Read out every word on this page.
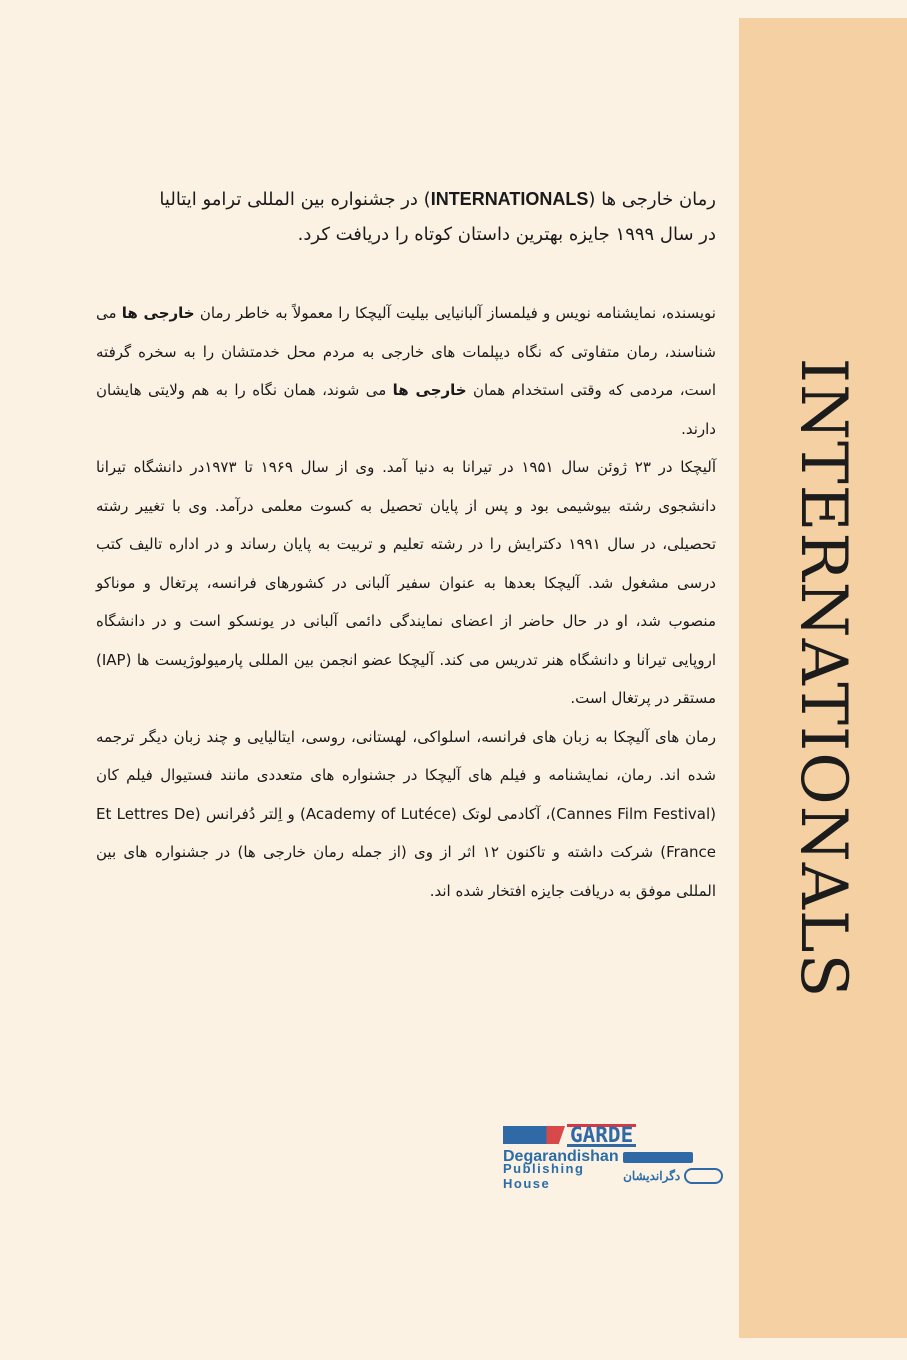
INTERNATIONALS
رمان خارجی ها (INTERNATIONALS) در جشنواره بین المللی ترامو ایتالیا
در سال ۱۹۹۹ جایزه بهترین داستان کوتاه را دریافت کرد.

نویسنده، نمایشنامه نویس و فیلمساز آلبانیایی بیلیت آلیچکا را معمولاً به خاطر رمان خارجی ها می شناسند، رمان متفاوتی که نگاه دیپلمات های خارجی به مردم محل خدمتشان را به سخره گرفته است، مردمی که وقتی استخدام همان خارجی ها می شوند، همان نگاه را به هم ولایتی هایشان دارند.

آلیچکا در ۲۳ ژوئن سال ۱۹۵۱ در تیرانا به دنیا آمد. وی از سال ۱۹۶۹ تا ۱۹۷۳در دانشگاه تیرانا دانشجوی رشته بیوشیمی بود و پس از پایان تحصیل به کسوت معلمی درآمد. وی با تغییر رشته تحصیلی، در سال ۱۹۹۱ دکترایش را در رشته تعلیم و تربیت به پایان رساند و در اداره تالیف کتب درسی مشغول شد. آلیچکا بعدها به عنوان سفیر آلبانی در کشورهای فرانسه، پرتغال و موناکو منصوب شد، او در حال حاضر از اعضای نمایندگی دائمی آلبانی در یونسکو است و در دانشگاه اروپایی تیرانا و دانشگاه هنر تدریس می کند. آلیچکا عضو انجمن بین المللی پارمیولوژیست ها (IAP) مستقر در پرتغال است.

رمان های آلیچکا به زبان های فرانسه، اسلواکی، لهستانی، روسی، ایتالیایی و چند زبان دیگر ترجمه شده اند. رمان، نمایشنامه و فیلم های آلیچکا در جشنواره های متعددی مانند فستیوال فیلم کان (Cannes Film Festival)، آکادمی لوتک (Academy of Lutéce) و اِلتر دُفرانس (Et Lettres De France) شرکت داشته و تاکنون ۱۲ اثر از وی (از جمله رمان خارجی ها) در جشنواره های بین المللی موفق به دریافت جایزه افتخار شده اند.

GARDE
Degarandishan
Publishing House	دگراندیشان
